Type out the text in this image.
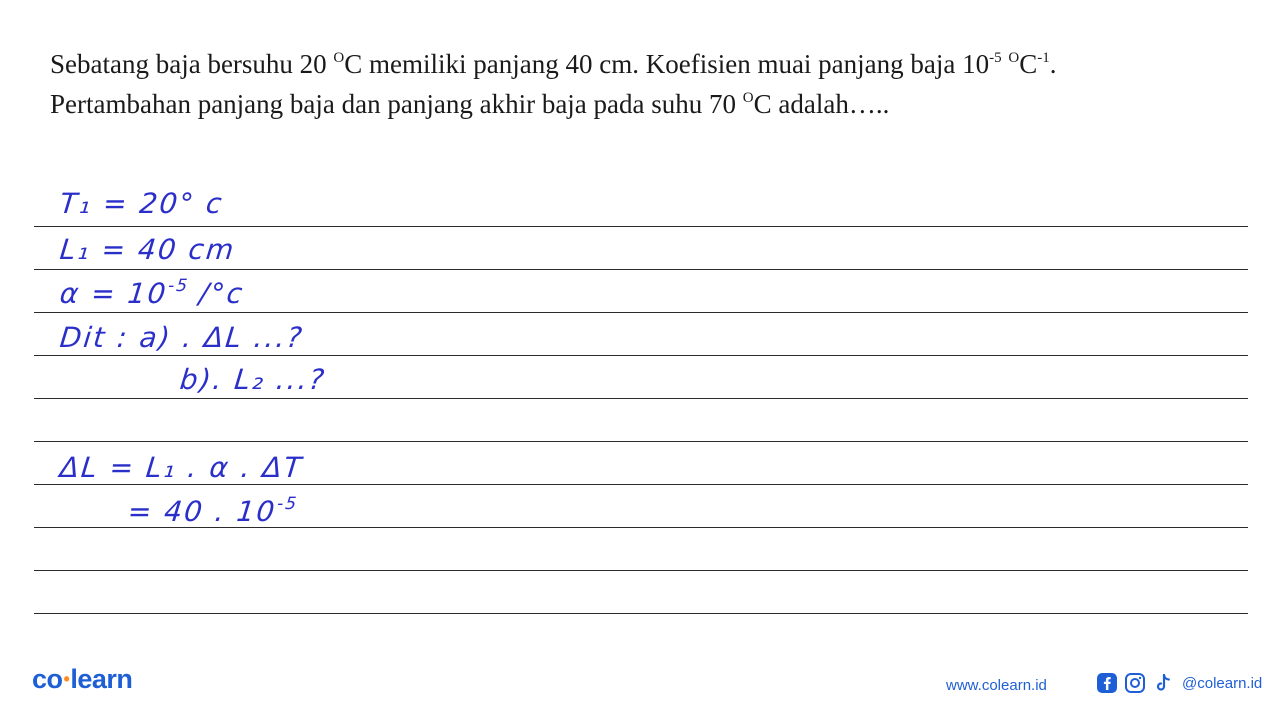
Sebatang baja bersuhu 20 $^O$C memiliki panjang 40 cm. Koefisien muai panjang baja $10^{-5}$ $^OC^{-1}$.
Pertambahan panjang baja dan panjang akhir baja pada suhu 70 $^O$C adalah…..
T₁ = 20° c
L₁ = 40 cm
$\alpha = 10^{-5}$ /°c
Dit : a) . ΔL ...?
b). L₂ ...?
ΔL = L₁ . α . ΔT
= 40 . $10^{-5}$
co•learn	www.colearn.id	@colearn.id
